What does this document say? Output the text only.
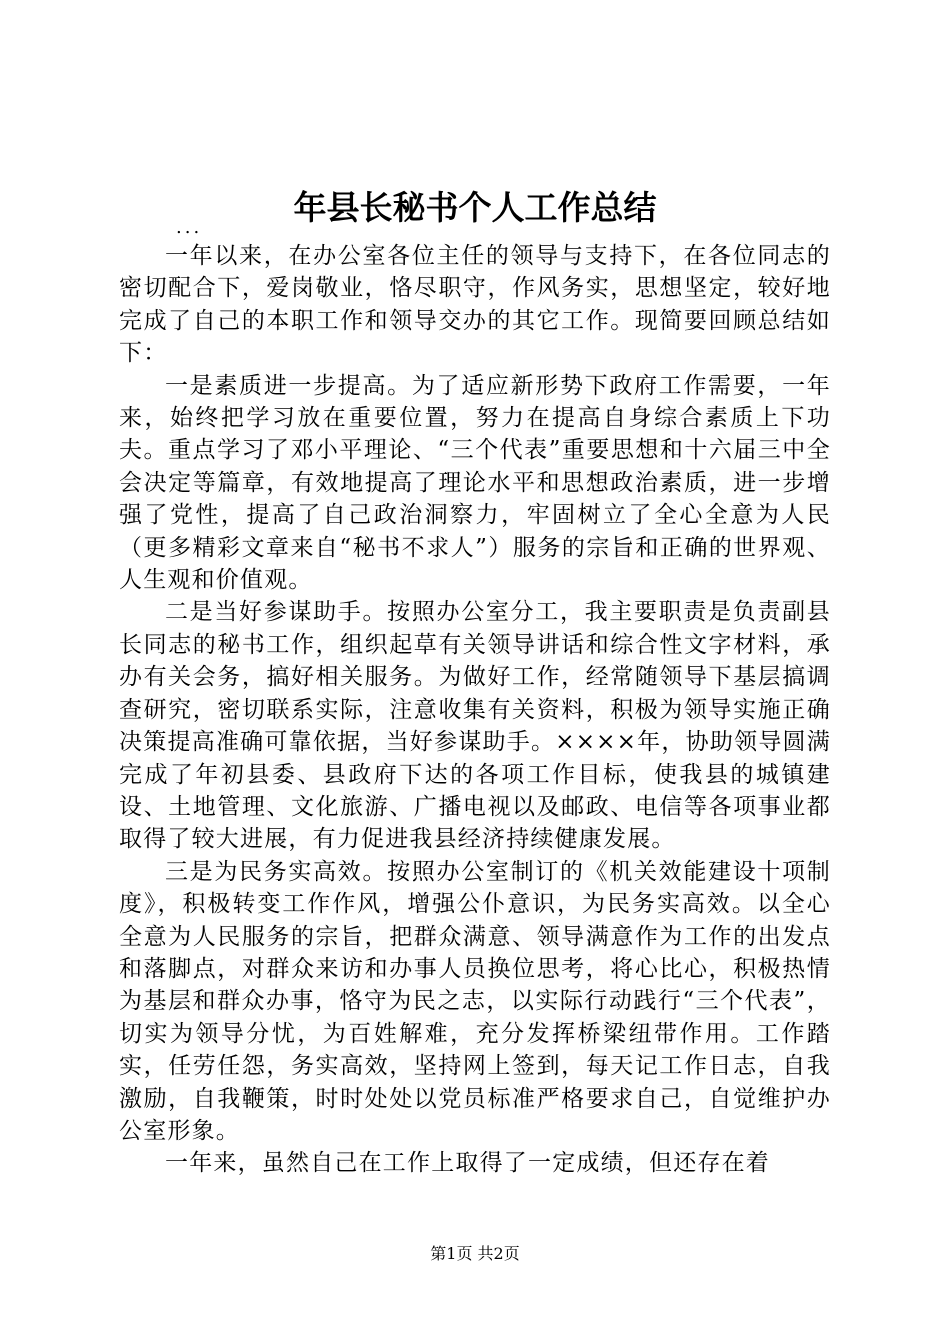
年县长秘书个人工作总结

...

一年以来，在办公室各位主任的领导与支持下，在各位同志的密切配合下，爱岗敬业，恪尽职守，作风务实，思想坚定，较好地完成了自己的本职工作和领导交办的其它工作。现简要回顾总结如下：

一是素质进一步提高。为了适应新形势下政府工作需要，一年来，始终把学习放在重要位置，努力在提高自身综合素质上下功夫。重点学习了邓小平理论、“三个代表”重要思想和十六届三中全会决定等篇章，有效地提高了理论水平和思想政治素质，进一步增强了党性，提高了自己政治洞察力，牢固树立了全心全意为人民（更多精彩文章来自“秘书不求人”）服务的宗旨和正确的世界观、人生观和价值观。

二是当好参谋助手。按照办公室分工，我主要职责是负责副县长同志的秘书工作，组织起草有关领导讲话和综合性文字材料，承办有关会务，搞好相关服务。为做好工作，经常随领导下基层搞调查研究，密切联系实际，注意收集有关资料，积极为领导实施正确决策提高准确可靠依据，当好参谋助手。××××年，协助领导圆满完成了年初县委、县政府下达的各项工作目标，使我县的城镇建设、土地管理、文化旅游、广播电视以及邮政、电信等各项事业都取得了较大进展，有力促进我县经济持续健康发展。

三是为民务实高效。按照办公室制订的《机关效能建设十项制度》，积极转变工作作风，增强公仆意识，为民务实高效。以全心全意为人民服务的宗旨，把群众满意、领导满意作为工作的出发点和落脚点，对群众来访和办事人员换位思考，将心比心，积极热情为基层和群众办事，恪守为民之志，以实际行动践行“三个代表”，切实为领导分忧，为百姓解难，充分发挥桥梁纽带作用。工作踏实，任劳任怨，务实高效，坚持网上签到，每天记工作日志，自我激励，自我鞭策，时时处处以党员标准严格要求自己，自觉维护办公室形象。

一年来，虽然自己在工作上取得了一定成绩，但还存在着

第1页 共2页
